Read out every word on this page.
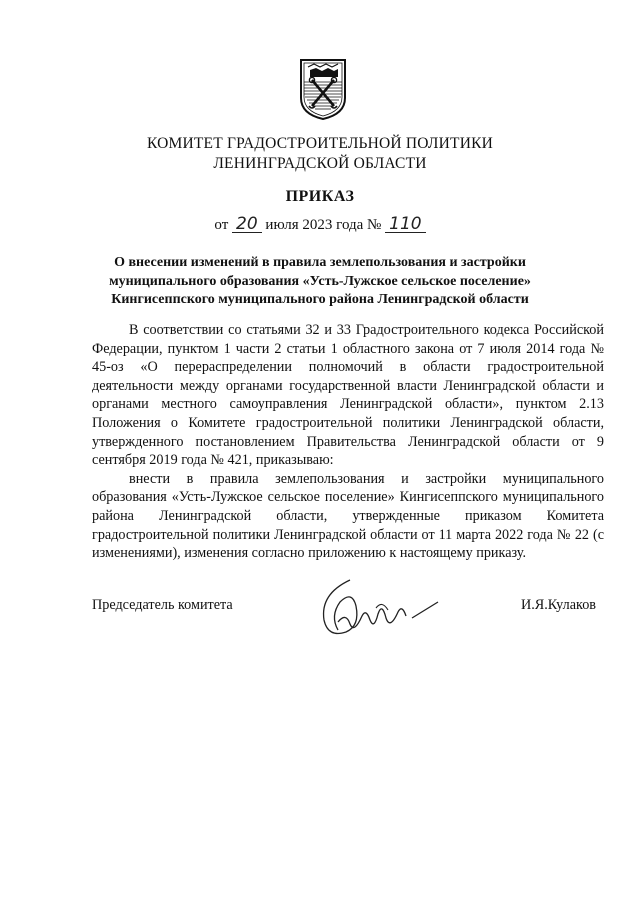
КОМИТЕТ ГРАДОСТРОИТЕЛЬНОЙ ПОЛИТИКИ
ЛЕНИНГРАДСКОЙ ОБЛАСТИ
ПРИКАЗ
от 20 июля 2023 года № 110
О внесении изменений в правила землепользования и застройки
муниципального образования «Усть-Лужское сельское поселение»
Кингисеппского муниципального района Ленинградской области

В соответствии со статьями 32 и 33 Градостроительного кодекса Российской Федерации, пунктом 1 части 2 статьи 1 областного закона от 7 июля 2014 года № 45-оз «О перераспределении полномочий в области градостроительной деятельности между органами государственной власти Ленинградской области и органами местного самоуправления Ленинградской области», пунктом 2.13 Положения о Комитете градостроительной политики Ленинградской области, утвержденного постановлением Правительства Ленинградской области от 9 сентября 2019 года № 421, приказываю:

внести в правила землепользования и застройки муниципального образования «Усть-Лужское сельское поселение» Кингисеппского муниципального района Ленинградской области, утвержденные приказом Комитета градостроительной политики Ленинградской области от 11 марта 2022 года № 22 (с изменениями), изменения согласно приложению к настоящему приказу.

Председатель комитета	И.Я.Кулаков
